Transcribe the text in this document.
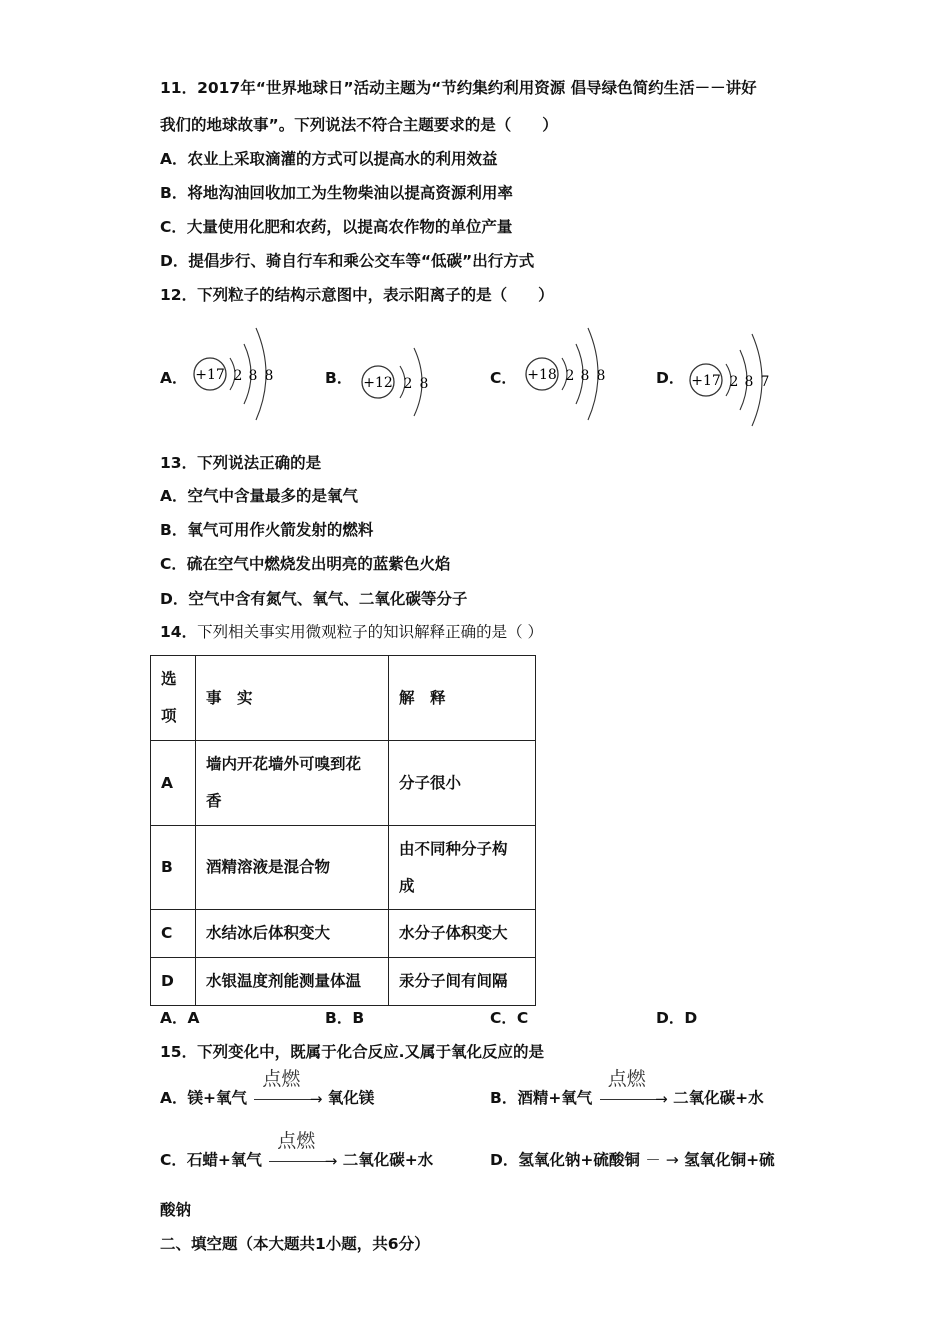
11．2017年“世界地球日”活动主题为“节约集约利用资源 倡导绿色简约生活－－讲好
我们的地球故事”。下列说法不符合主题要求的是（　　）
A．农业上采取滴灌的方式可以提高水的利用效益
B．将地沟油回收加工为生物柴油以提高资源利用率
C．大量使用化肥和农药，以提高农作物的单位产量
D．提倡步行、骑自行车和乘公交车等“低碳”出行方式
12．下列粒子的结构示意图中，表示阳离子的是（　　）
A． +17 2 8 8	B． +12 2 8	C． +18 2 8 8	D． +17 2 8 7
13．下列说法正确的是
A．空气中含量最多的是氧气
B．氧气可用作火箭发射的燃料
C．硫在空气中燃烧发出明亮的蓝紫色火焰
D．空气中含有氮气、氧气、二氧化碳等分子
14．下列相关事实用微观粒子的知识解释正确的是（ ）
选
项	事　实	解　释
A	墙内开花墙外可嗅到花
香	分子很小
B	酒精溶液是混合物	由不同种分子构
成

C	水结冰后体积变大	水分子体积变大
D	水银温度剂能测量体温	汞分子间有间隔
A．A	B．B	C．C	D．D
15．下列变化中，既属于化合反应.又属于氧化反应的是
A．镁+氧气
点燃
→ 氧化镁	B．酒精+氧气
点燃
→ 二氧化碳+水
C．石蜡+氧气
点燃
→ 二氧化碳+水	D．氢氧化钠+硫酸铜 － → 氢氧化铜+硫
酸钠
二、填空题（本大题共1小题，共6分）
